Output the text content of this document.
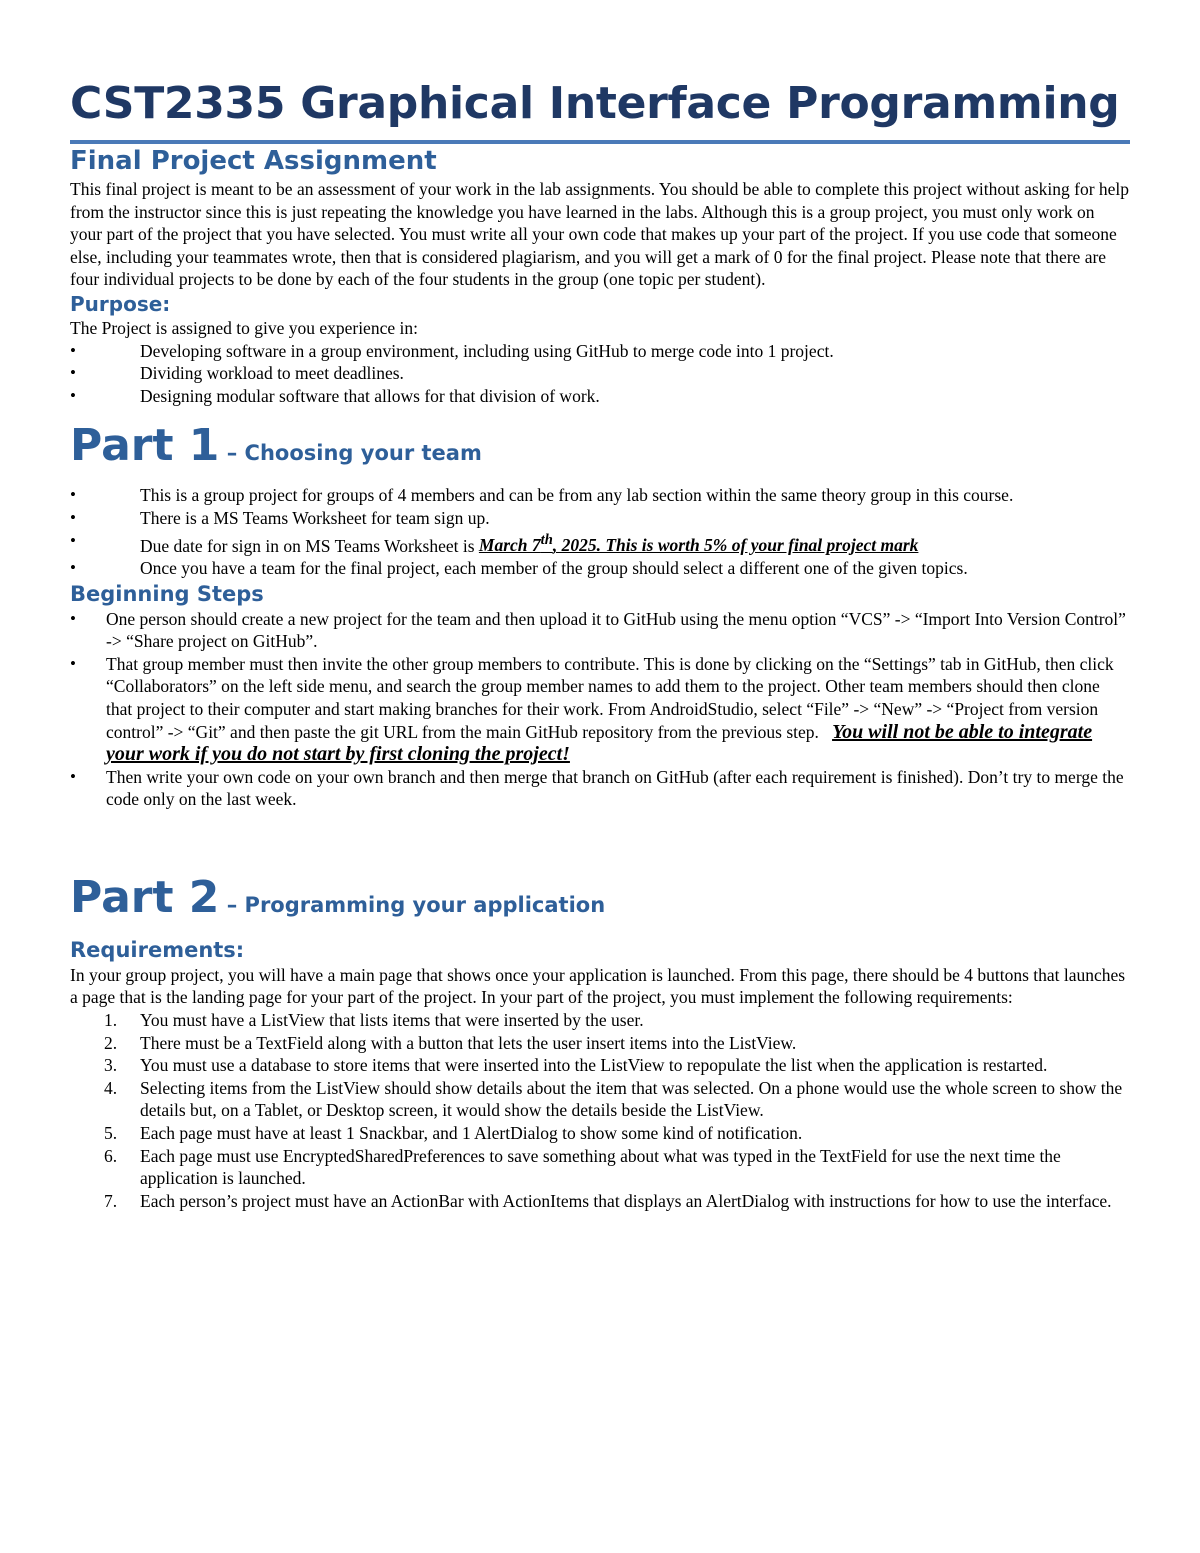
CST2335 Graphical Interface Programming
Final Project Assignment

This final project is meant to be an assessment of your work in the lab assignments. You should be able to complete this project without asking for help from the instructor since this is just repeating the knowledge you have learned in the labs. Although this is a group project, you must only work on your part of the project that you have selected. You must write all your own code that makes up your part of the project. If you use code that someone else, including your teammates wrote, then that is considered plagiarism, and you will get a mark of 0 for the final project. Please note that there are four individual projects to be done by each of the four students in the group (one topic per student).

Purpose:

The Project is assigned to give you experience in:

•	Developing software in a group environment, including using GitHub to merge code into 1 project.
•	Dividing workload to meet deadlines.
•	Designing modular software that allows for that division of work.
Part 1 – Choosing your team
•	This is a group project for groups of 4 members and can be from any lab section within the same theory group in this course.
•	There is a MS Teams Worksheet for team sign up.
•	Due date for sign in on MS Teams Worksheet is March 7th, 2025. This is worth 5% of your final project mark
•	Once you have a team for the final project, each member of the group should select a different one of the given topics.
Beginning Steps
• One person should create a new project for the team and then upload it to GitHub using the menu option “VCS” -> “Import Into Version Control” -> “Share project on GitHub”.
• That group member must then invite the other group members to contribute. This is done by clicking on the “Settings” tab in GitHub, then click “Collaborators” on the left side menu, and search the group member names to add them to the project. Other team members should then clone that project to their computer and start making branches for their work. From AndroidStudio, select “File” -> “New” -> “Project from version control” -> “Git” and then paste the git URL from the main GitHub repository from the previous step. You will not be able to integrate your work if you do not start by first cloning the project!
• Then write your own code on your own branch and then merge that branch on GitHub (after each requirement is finished). Don’t try to merge the code only on the last week.
Part 2 – Programming your application
Requirements:

In your group project, you will have a main page that shows once your application is launched. From this page, there should be 4 buttons that launches a page that is the landing page for your part of the project. In your part of the project, you must implement the following requirements:

1. You must have a ListView that lists items that were inserted by the user.
2. There must be a TextField along with a button that lets the user insert items into the ListView.
3. You must use a database to store items that were inserted into the ListView to repopulate the list when the application is restarted.
4. Selecting items from the ListView should show details about the item that was selected. On a phone would use the whole screen to show the details but, on a Tablet, or Desktop screen, it would show the details beside the ListView.
5. Each page must have at least 1 Snackbar, and 1 AlertDialog to show some kind of notification.
6. Each page must use EncryptedSharedPreferences to save something about what was typed in the TextField for use the next time the application is launched.
7. Each person’s project must have an ActionBar with ActionItems that displays an AlertDialog with instructions for how to use the interface.
